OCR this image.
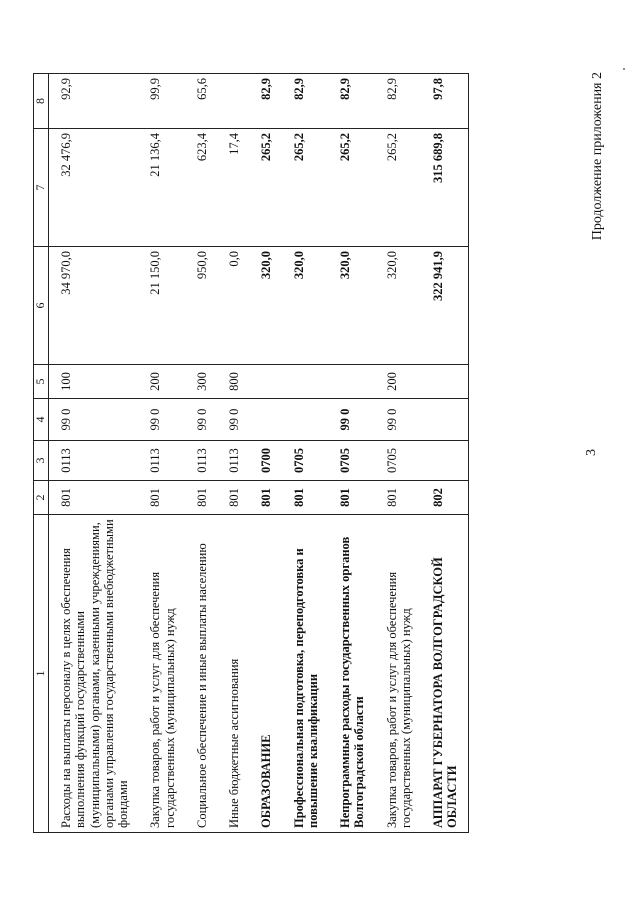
3
Продолжение приложения 2
1	2	3	4	5	6	7	8
Расходы на выплаты персоналу в целях обеспечения выполнения функций государственными (муниципальными) органами, казенными учреждениями, органами управления государственными внебюджетными фондами	801	0113	99 0	100	34 970,0	32 476,9	92,9
Закупка товаров, работ и услуг для обеспечения государственных (муниципальных) нужд	801	0113	99 0	200	21 150,0	21 136,4	99,9
Социальное обеспечение и иные выплаты населению	801	0113	99 0	300	950,0	623,4	65,6
Иные бюджетные ассигнования	801	0113	99 0	800	0,0	17,4	
ОБРАЗОВАНИЕ	801	0700			320,0	265,2	82,9
Профессиональная подготовка, переподготовка и повышение квалификации	801	0705			320,0	265,2	82,9
Непрограммные расходы государственных органов Волгоградской области	801	0705	99 0		320,0	265,2	82,9
Закупка товаров, работ и услуг для обеспечения государственных (муниципальных) нужд	801	0705	99 0	200	320,0	265,2	82,9
АППАРАТ ГУБЕРНАТОРА ВОЛГОГРАДСКОЙ ОБЛАСТИ	802				322 941,9	315 689,8	97,8
